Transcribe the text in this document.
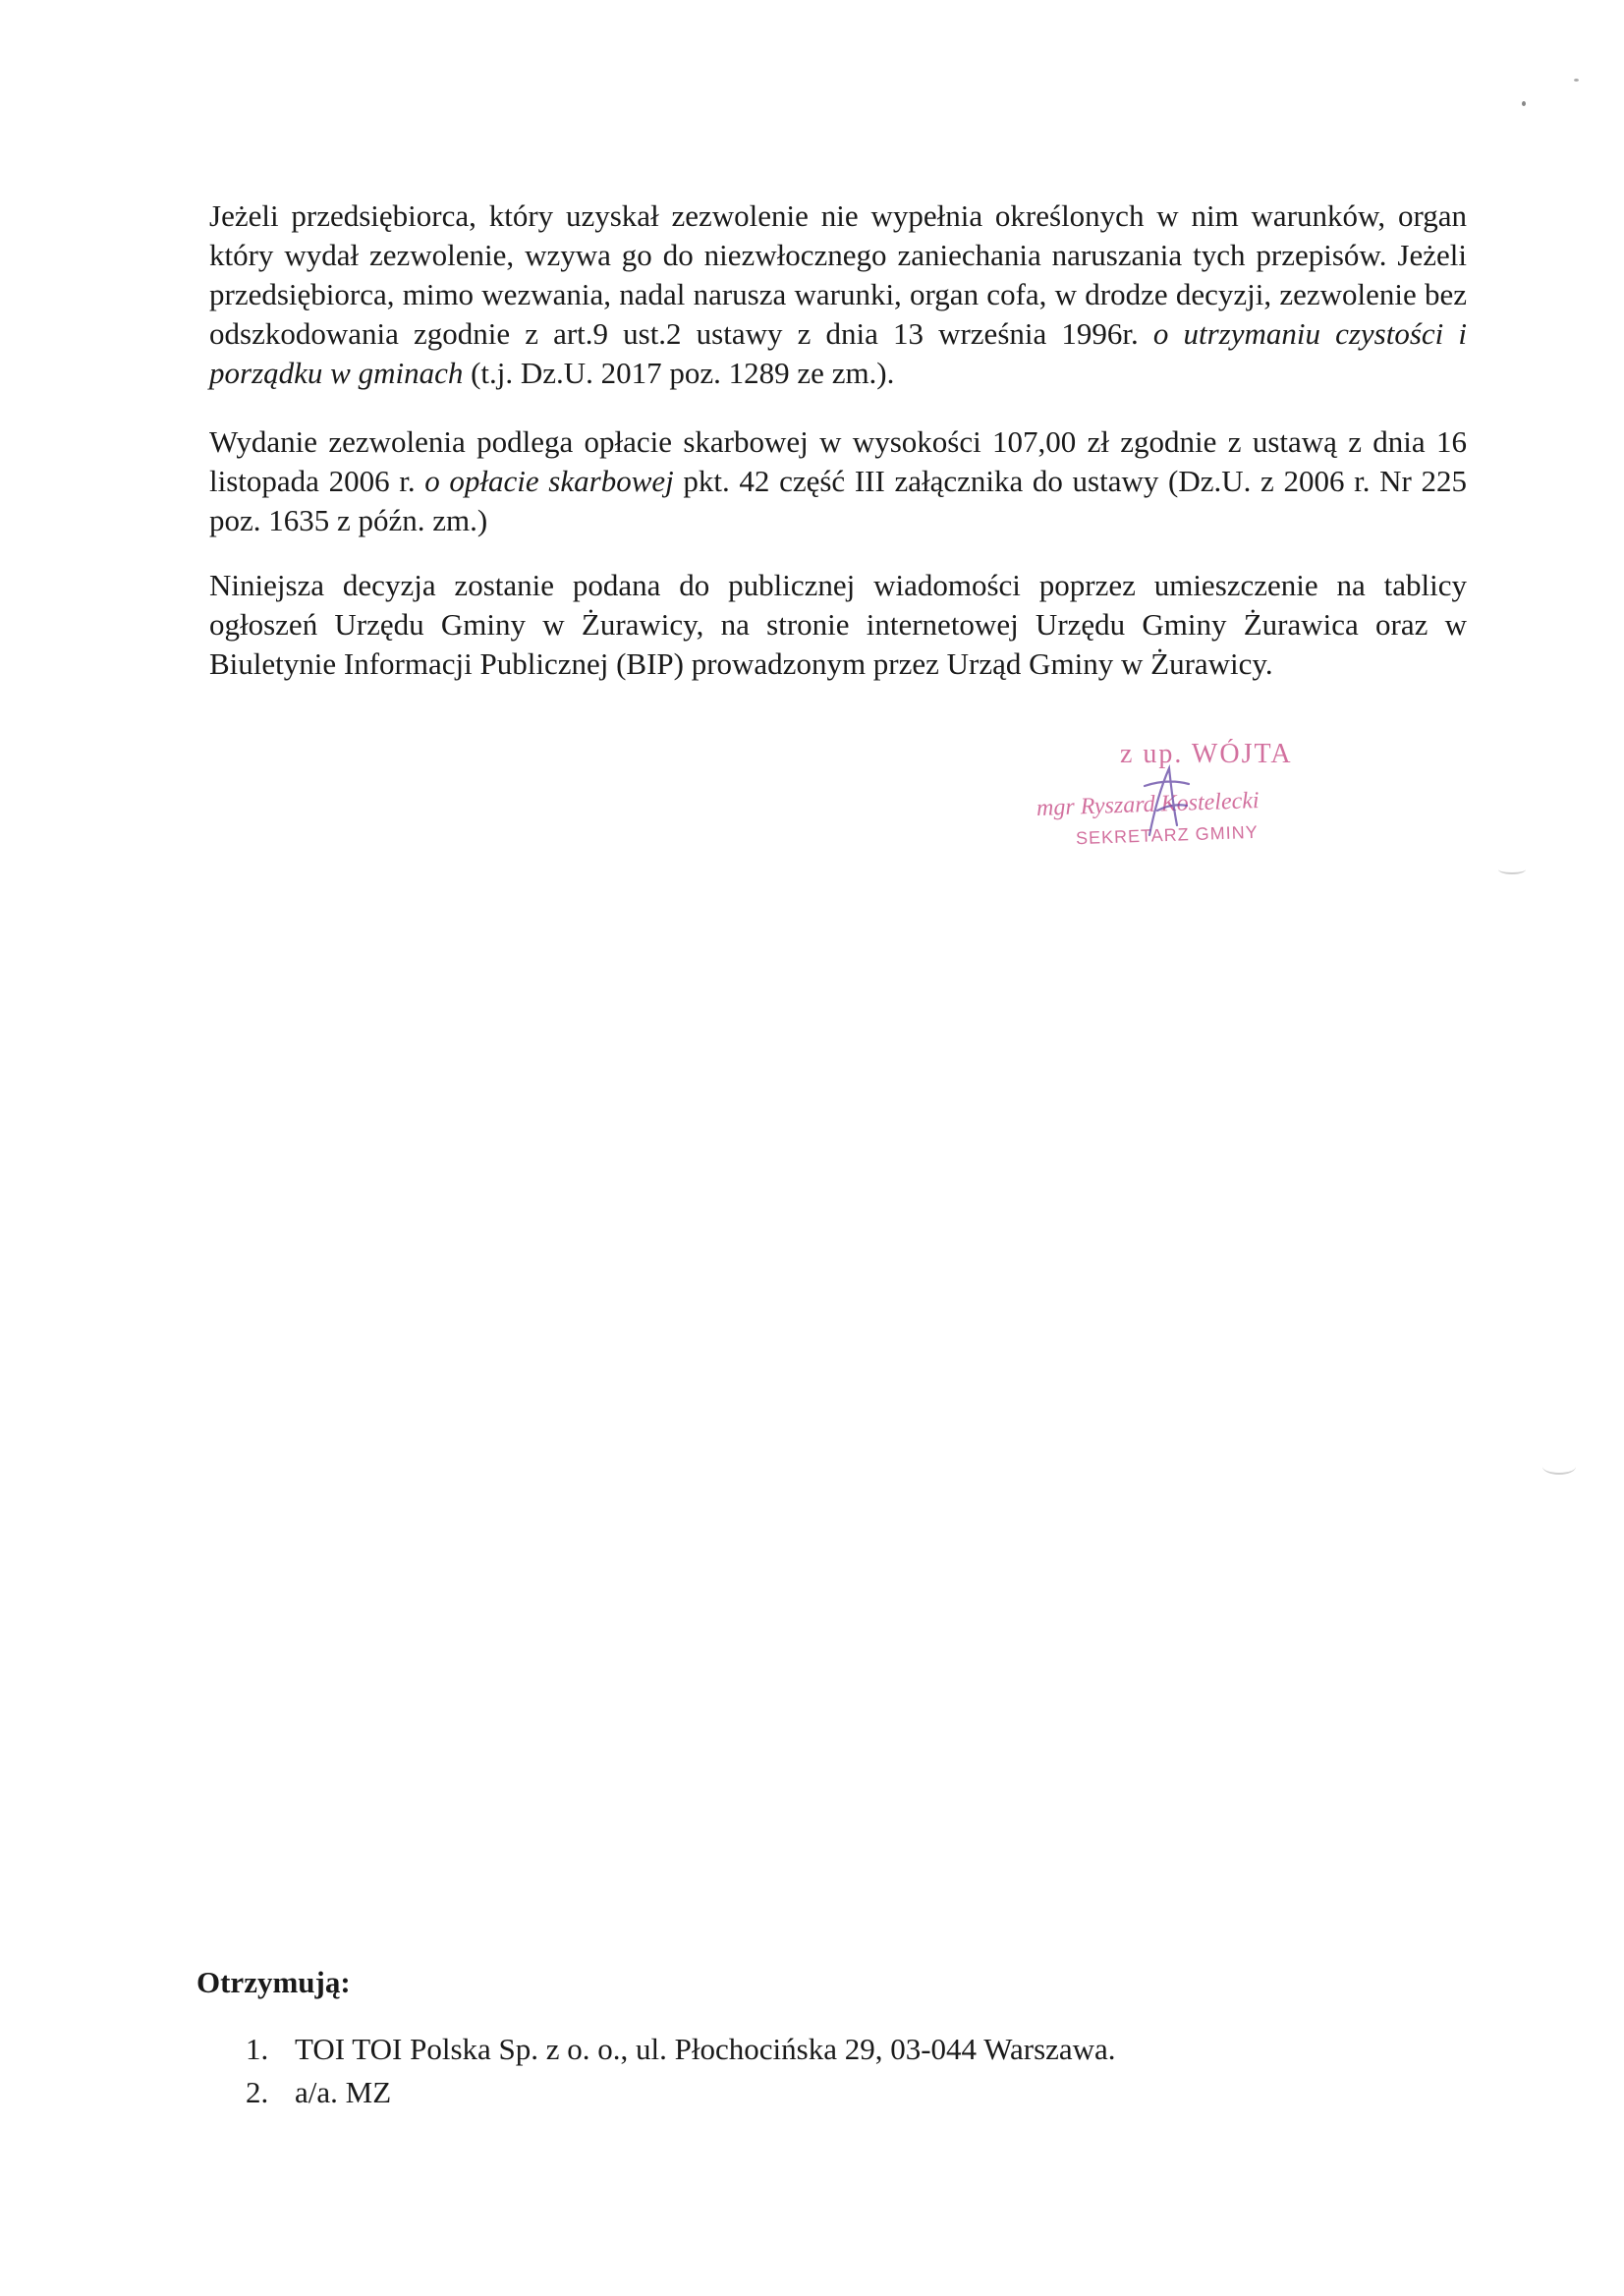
Jeżeli przedsiębiorca, który uzyskał zezwolenie nie wypełnia określonych w nim warunków, organ który wydał zezwolenie, wzywa go do niezwłocznego zaniechania naruszania tych przepisów. Jeżeli przedsiębiorca, mimo wezwania, nadal narusza warunki, organ cofa, w drodze decyzji, zezwolenie bez odszkodowania zgodnie z art.9 ust.2 ustawy z dnia 13 września 1996r. o utrzymaniu czystości i porządku w gminach (t.j. Dz.U. 2017 poz. 1289 ze zm.).

Wydanie zezwolenia podlega opłacie skarbowej w wysokości 107,00 zł zgodnie z ustawą z dnia 16 listopada 2006 r. o opłacie skarbowej pkt. 42 część III załącznika do ustawy (Dz.U. z 2006 r. Nr 225 poz. 1635 z późn. zm.)

Niniejsza decyzja zostanie podana do publicznej wiadomości poprzez umieszczenie na tablicy ogłoszeń Urzędu Gminy w Żurawicy, na stronie internetowej Urzędu Gminy Żurawica oraz w Biuletynie Informacji Publicznej (BIP) prowadzonym przez Urząd Gminy w Żurawicy.

z up. WÓJTA
mgr Ryszard Kostelecki
SEKRETARZ GMINY
Otrzymują:
1. TOI TOI Polska Sp. z o. o., ul. Płochocińska 29, 03-044 Warszawa.
2. a/a. MZ
